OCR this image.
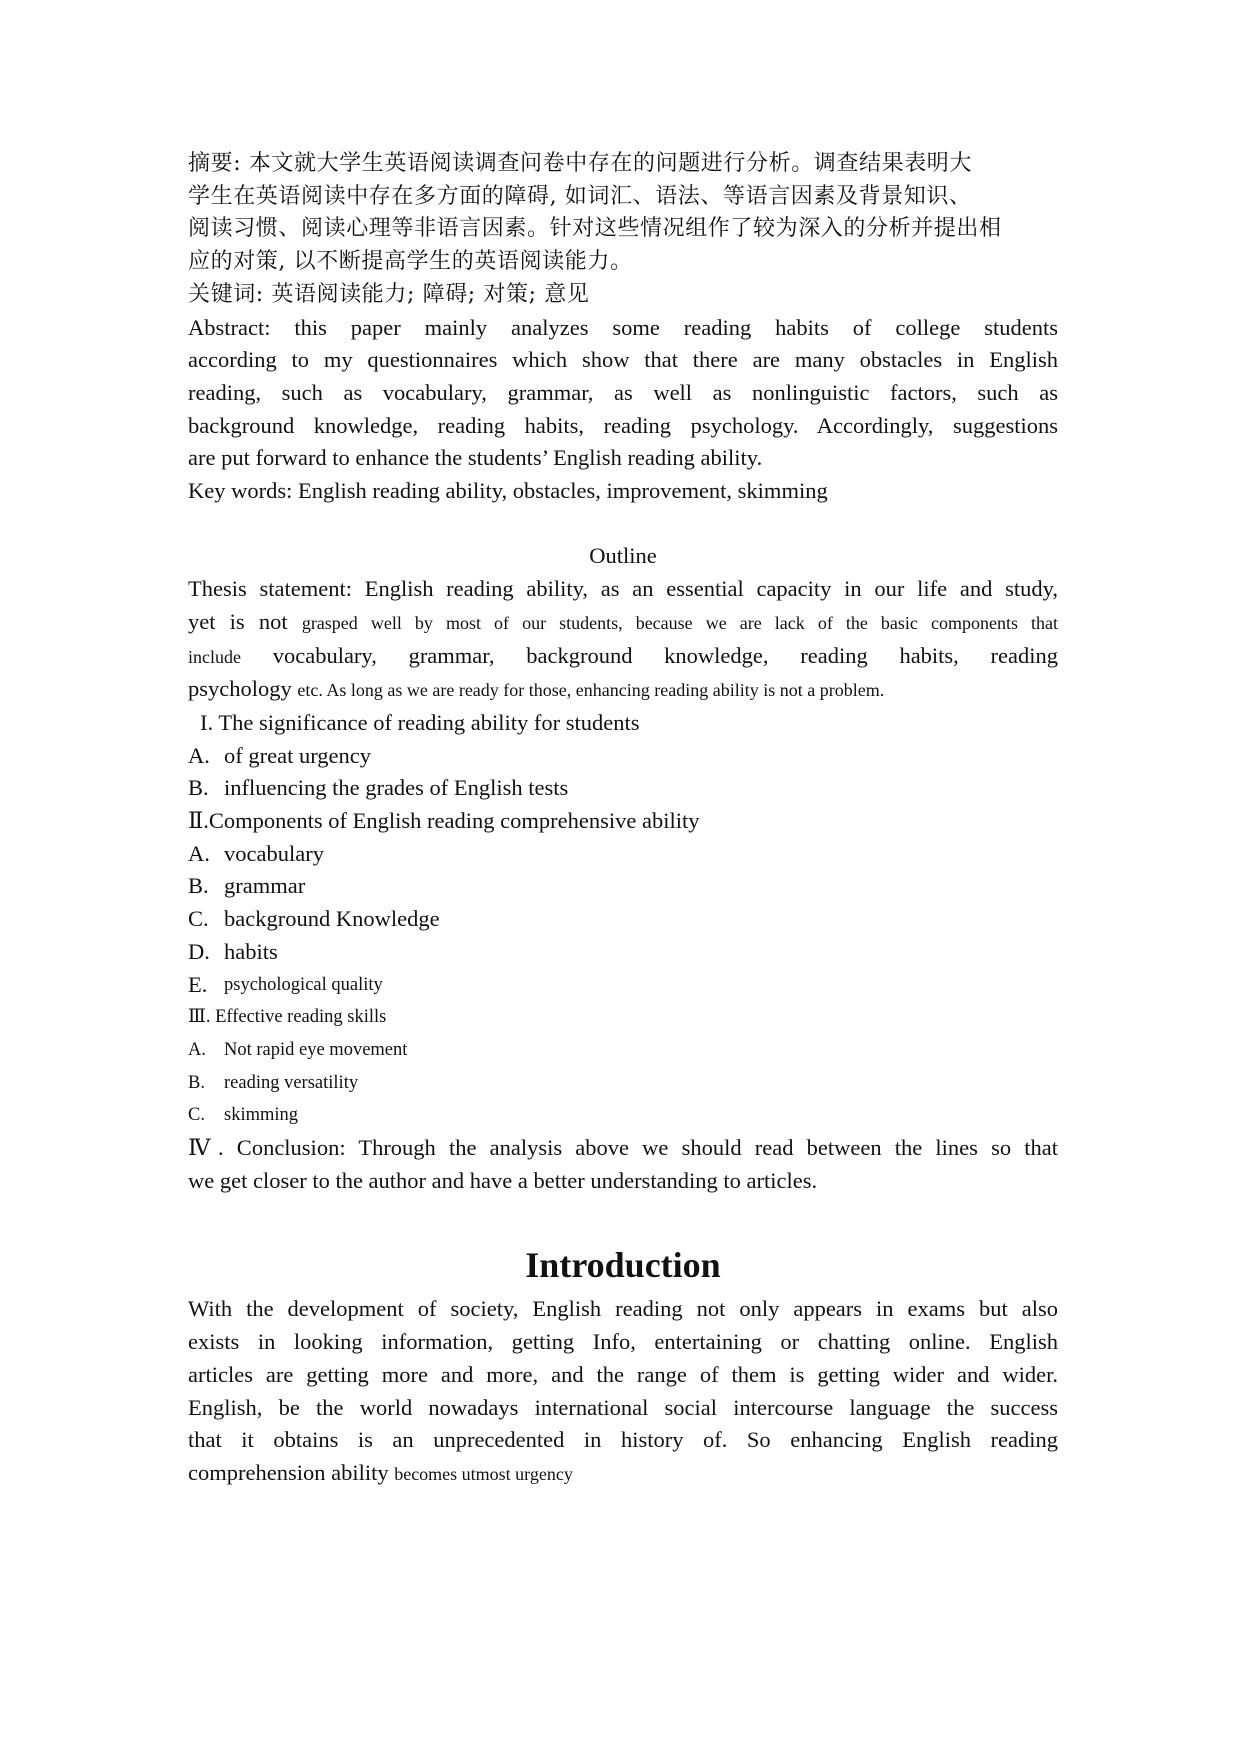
摘要: 本文就大学生英语阅读调查问卷中存在的问题进行分析。调查结果表明大
学生在英语阅读中存在多方面的障碍, 如词汇、语法、等语言因素及背景知识、
阅读习惯、阅读心理等非语言因素。针对这些情况组作了较为深入的分析并提出相
应的对策, 以不断提高学生的英语阅读能力。
关键词: 英语阅读能力; 障碍; 对策; 意见
Abstract: this paper mainly analyzes some reading habits of college students
according to my questionnaires which show that there are many obstacles in English
reading, such as vocabulary, grammar, as well as nonlinguistic factors, such as
background knowledge, reading habits, reading psychology. Accordingly, suggestions
are put forward to enhance the students’ English reading ability.
Key words: English reading ability, obstacles, improvement, skimming
Outline
Thesis statement: English reading ability, as an essential capacity in our life and study,
yet is not grasped well by most of our students, because we are lack of the basic components that
include vocabulary, grammar, background knowledge, reading habits, reading
psychology etc. As long as we are ready for those, enhancing reading ability is not a problem.
I. The significance of reading ability for students
A. of great urgency
B. influencing the grades of English tests
Ⅱ.Components of English reading comprehensive ability
A. vocabulary
B. grammar
C. background Knowledge
D. habits
E. psychological quality
Ⅲ. Effective reading skills
A. Not rapid eye movement
B.	reading versatility
C.	skimming
Ⅳ. Conclusion: Through the analysis above we should read between the lines so that
we get closer to the author and have a better understanding to articles.
Introduction
With the development of society, English reading not only appears in exams but also
exists in looking information, getting Info, entertaining or chatting online. English
articles are getting more and more, and the range of them is getting wider and wider.
English, be the world nowadays international social intercourse language the success
that it obtains is an unprecedented in history of. So enhancing English reading
comprehension ability becomes utmost urgency
